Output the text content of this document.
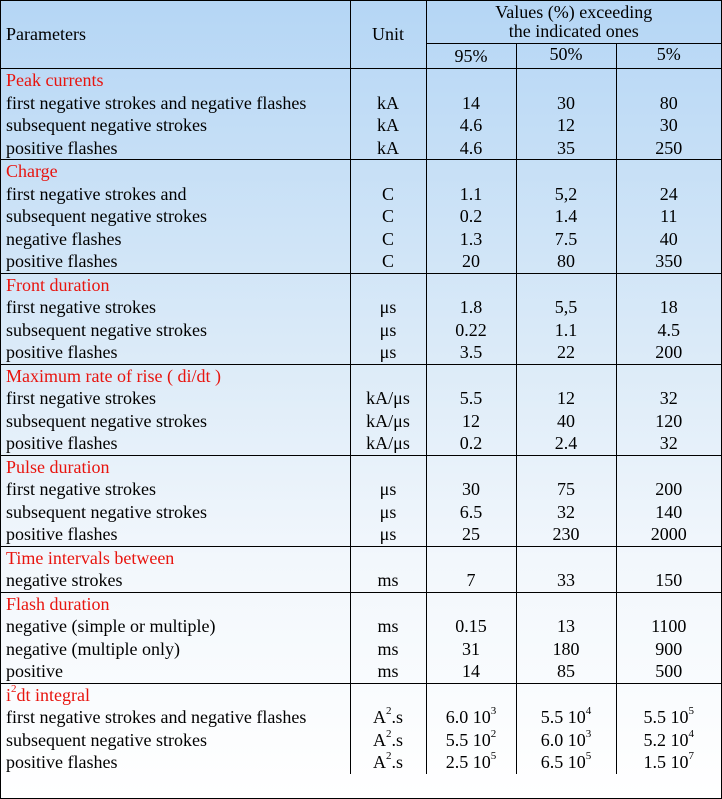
Parameters	Unit	Values (%) exceeding
the indicated ones		

		95%	50%	5%
Peak currents				
first negative strokes and negative flashes	kA	14	30	80
subsequent negative strokes	kA	4.6	12	30
positive flashes	kA	4.6	35	250
Charge				
first negative strokes and	C	1.1	5,2	24
subsequent negative strokes	C	0.2	1.4	11
negative flashes	C	1.3	7.5	40
positive flashes	C	20	80	350
Front duration				
first negative strokes	μs	1.8	5,5	18
subsequent negative strokes	μs	0.22	1.1	4.5
positive flashes	μs	3.5	22	200
Maximum rate of rise ( di/dt )				
first negative strokes	kA/μs	5.5	12	32
subsequent negative strokes	kA/μs	12	40	120
positive flashes	kA/μs	0.2	2.4	32
Pulse duration				
first negative strokes	μs	30	75	200
subsequent negative strokes	μs	6.5	32	140
positive flashes	μs	25	230	2000
Time intervals between				
negative strokes	ms	7	33	150
Flash duration				
negative (simple or multiple)	ms	0.15	13	1100
negative (multiple only)	ms	31	180	900
positive	ms	14	85	500
$i^2dt$ integral				
first negative strokes and negative flashes	$A^2.s$	6.0 $10^3$	5.5 $10^4$	5.5 $10^5$
subsequent negative strokes	$A^2.s$	5.5 $10^2$	6.0 $10^3$	5.2 $10^4$
positive flashes	$A^2.s$	2.5 $10^5$	6.5 $10^5$	1.5 $10^7$
